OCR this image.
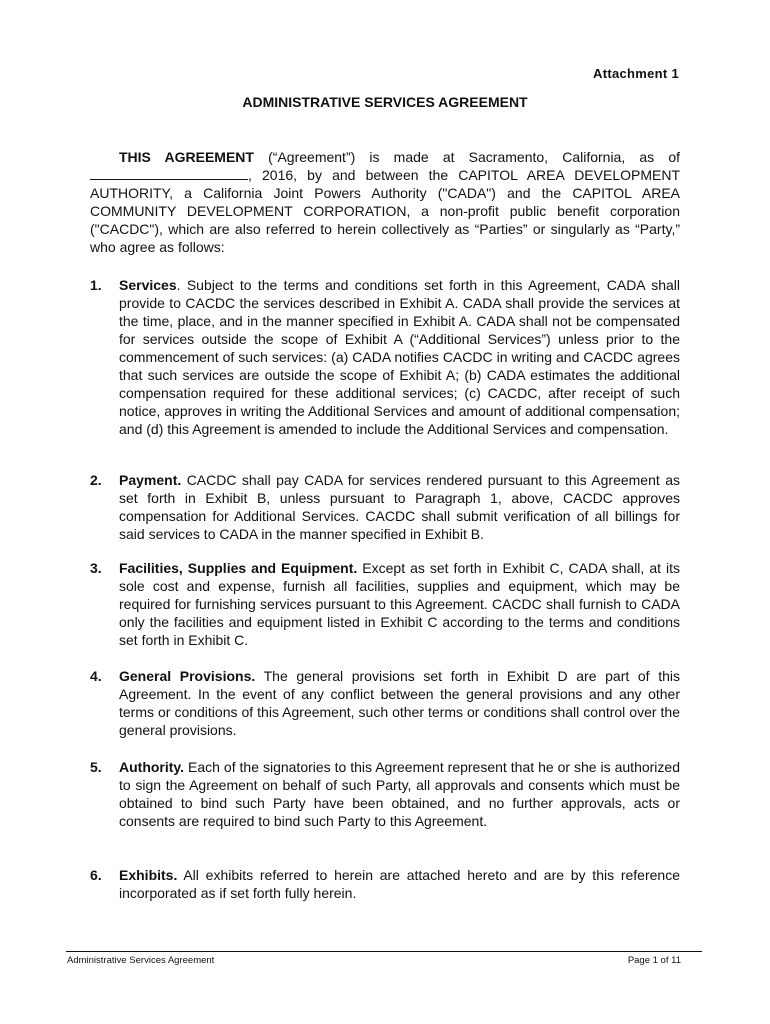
Attachment 1
ADMINISTRATIVE SERVICES AGREEMENT
THIS AGREEMENT (“Agreement”) is made at Sacramento, California, as of , 2016, by and between the CAPITOL AREA DEVELOPMENT AUTHORITY, a California Joint Powers Authority ("CADA") and the CAPITOL AREA COMMUNITY DEVELOPMENT CORPORATION, a non-profit public benefit corporation ("CACDC"), which are also referred to herein collectively as “Parties” or singularly as “Party,” who agree as follows:
1. Services. Subject to the terms and conditions set forth in this Agreement, CADA shall provide to CACDC the services described in Exhibit A. CADA shall provide the services at the time, place, and in the manner specified in Exhibit A. CADA shall not be compensated for services outside the scope of Exhibit A (“Additional Services”) unless prior to the commencement of such services: (a) CADA notifies CACDC in writing and CACDC agrees that such services are outside the scope of Exhibit A; (b) CADA estimates the additional compensation required for these additional services; (c) CACDC, after receipt of such notice, approves in writing the Additional Services and amount of additional compensation; and (d) this Agreement is amended to include the Additional Services and compensation.
2. Payment. CACDC shall pay CADA for services rendered pursuant to this Agreement as set forth in Exhibit B, unless pursuant to Paragraph 1, above, CACDC approves compensation for Additional Services. CACDC shall submit verification of all billings for said services to CADA in the manner specified in Exhibit B.
3. Facilities, Supplies and Equipment. Except as set forth in Exhibit C, CADA shall, at its sole cost and expense, furnish all facilities, supplies and equipment, which may be required for furnishing services pursuant to this Agreement. CACDC shall furnish to CADA only the facilities and equipment listed in Exhibit C according to the terms and conditions set forth in Exhibit C.
4. General Provisions. The general provisions set forth in Exhibit D are part of this Agreement. In the event of any conflict between the general provisions and any other terms or conditions of this Agreement, such other terms or conditions shall control over the general provisions.
5. Authority. Each of the signatories to this Agreement represent that he or she is authorized to sign the Agreement on behalf of such Party, all approvals and consents which must be obtained to bind such Party have been obtained, and no further approvals, acts or consents are required to bind such Party to this Agreement.
6. Exhibits. All exhibits referred to herein are attached hereto and are by this reference incorporated as if set forth fully herein.
Administrative Services Agreement	Page 1 of 11
